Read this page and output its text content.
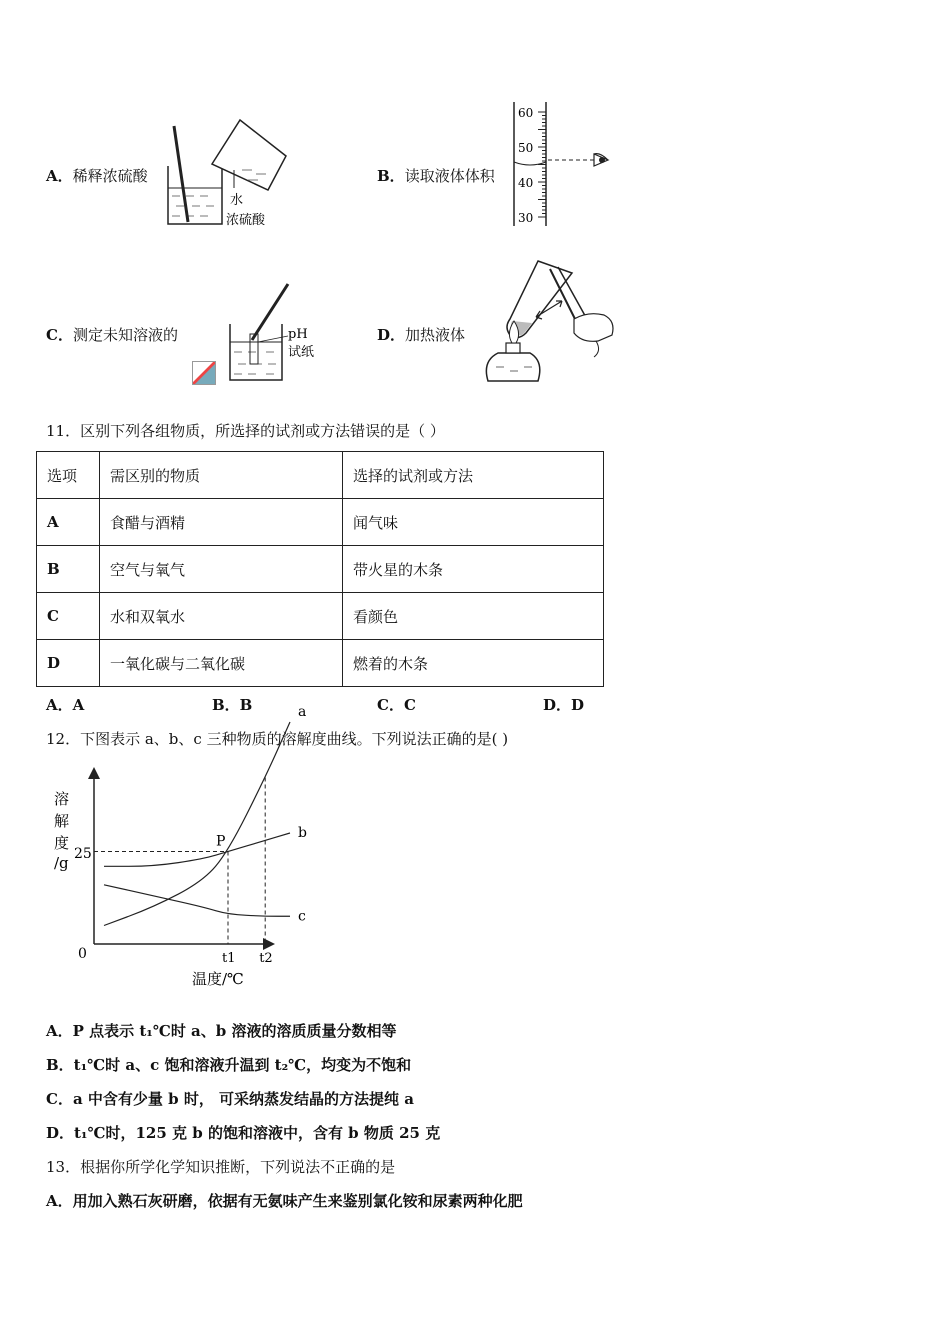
A．稀释浓硫酸
水
浓硫酸
B．读取液体体积
60
50
40
30
C．测定未知溶液的	pH
试纸
D．加热液体
11．区别下列各组物质，所选择的试剂或方法错误的是（ ）
选项	需区别的物质	选择的试剂或方法
A	食醋与酒精	闻气味
B	空气与氧气	带火星的木条
C	水和双氧水	看颜色
D	一氧化碳与二氧化碳	燃着的木条
A．A	B．B	C．C	D．D
12．下图表示 a、b、c 三种物质的溶解度曲线。下列说法正确的是( )
溶
解
度
/g
0
温度/℃
25
a
b
c
P
t1 t2
A．P 点表示 t₁℃时 a、b 溶液的溶质质量分数相等
B．t₁℃时 a、c 饱和溶液升温到 t₂℃，均变为不饱和
C．a 中含有少量 b 时， 可采纳蒸发结晶的方法提纯 a
D．t₁℃时，125 克 b 的饱和溶液中，含有 b 物质 25 克
13．根据你所学化学知识推断，下列说法不正确的是
A．用加入熟石灰研磨，依据有无氨味产生来鉴别氯化铵和尿素两种化肥
